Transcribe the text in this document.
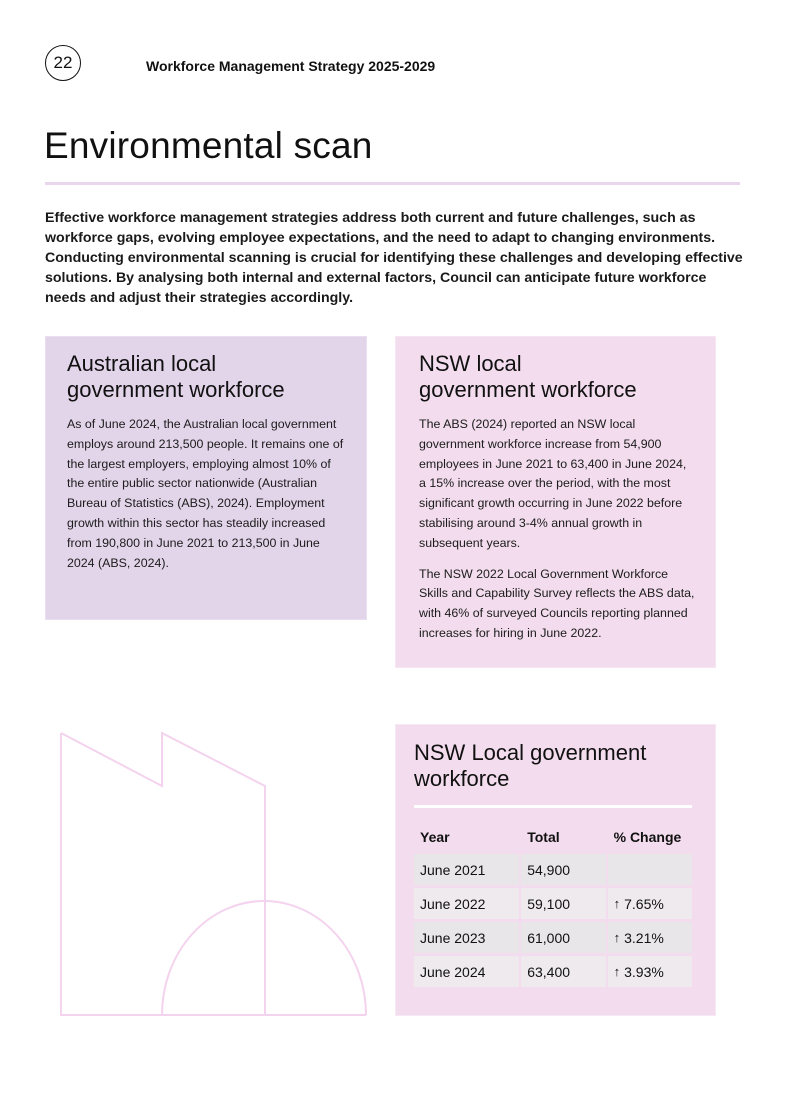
22	Workforce Management Strategy 2025-2029
Environmental scan

Effective workforce management strategies address both current and future challenges, such as workforce gaps, evolving employee expectations, and the need to adapt to changing environments. Conducting environmental scanning is crucial for identifying these challenges and developing effective solutions. By analysing both internal and external factors, Council can anticipate future workforce needs and adjust their strategies accordingly.

Australian local
government workforce

As of June 2024, the Australian local government employs around 213,500 people. It remains one of the largest employers, employing almost 10% of the entire public sector nationwide (Australian Bureau of Statistics (ABS), 2024). Employment growth within this sector has steadily increased from 190,800 in June 2021 to 213,500 in June 2024 (ABS, 2024).

NSW local
government workforce

The ABS (2024) reported an NSW local government workforce increase from 54,900 employees in June 2021 to 63,400 in June 2024, a 15% increase over the period, with the most significant growth occurring in June 2022 before stabilising around 3-4% annual growth in subsequent years.

The NSW 2022 Local Government Workforce Skills and Capability Survey reflects the ABS data, with 46% of surveyed Councils reporting planned increases for hiring in June 2022.

NSW Local government workforce
Year	Total	% Change
June 2021	54,900
June 2022	59,100	↑ 7.65%
June 2023	61,000	↑ 3.21%
June 2024	63,400	↑ 3.93%
